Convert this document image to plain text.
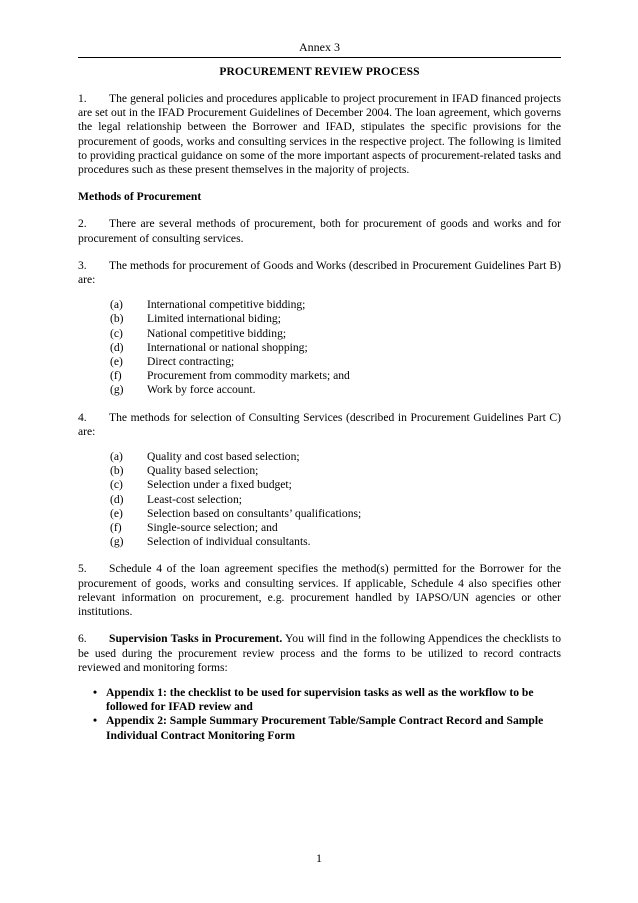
Annex 3
PROCUREMENT REVIEW PROCESS

1. The general policies and procedures applicable to project procurement in IFAD financed projects are set out in the IFAD Procurement Guidelines of December 2004. The loan agreement, which governs the legal relationship between the Borrower and IFAD, stipulates the specific provisions for the procurement of goods, works and consulting services in the respective project. The following is limited to providing practical guidance on some of the more important aspects of procurement-related tasks and procedures such as these present themselves in the majority of projects.

Methods of Procurement

2. There are several methods of procurement, both for procurement of goods and works and for procurement of consulting services.

3. The methods for procurement of Goods and Works (described in Procurement Guidelines Part B) are:

(a)	International competitive bidding;
(b)	Limited international biding;
(c)	National competitive bidding;
(d)	International or national shopping;
(e)	Direct contracting;
(f)	Procurement from commodity markets; and
(g)	Work by force account.

4. The methods for selection of Consulting Services (described in Procurement Guidelines Part C) are:

(a)	Quality and cost based selection;
(b)	Quality based selection;
(c)	Selection under a fixed budget;
(d)	Least-cost selection;
(e)	Selection based on consultants’ qualifications;
(f)	Single-source selection; and
(g)	Selection of individual consultants.

5. Schedule 4 of the loan agreement specifies the method(s) permitted for the Borrower for the procurement of goods, works and consulting services. If applicable, Schedule 4 also specifies other relevant information on procurement, e.g. procurement handled by IAPSO/UN agencies or other institutions.

6. Supervision Tasks in Procurement. You will find in the following Appendices the checklists to be used during the procurement review process and the forms to be utilized to record contracts reviewed and monitoring forms:

• Appendix 1: the checklist to be used for supervision tasks as well as the workflow to be followed for IFAD review and
• Appendix 2: Sample Summary Procurement Table/Sample Contract Record and Sample Individual Contract Monitoring Form
1
